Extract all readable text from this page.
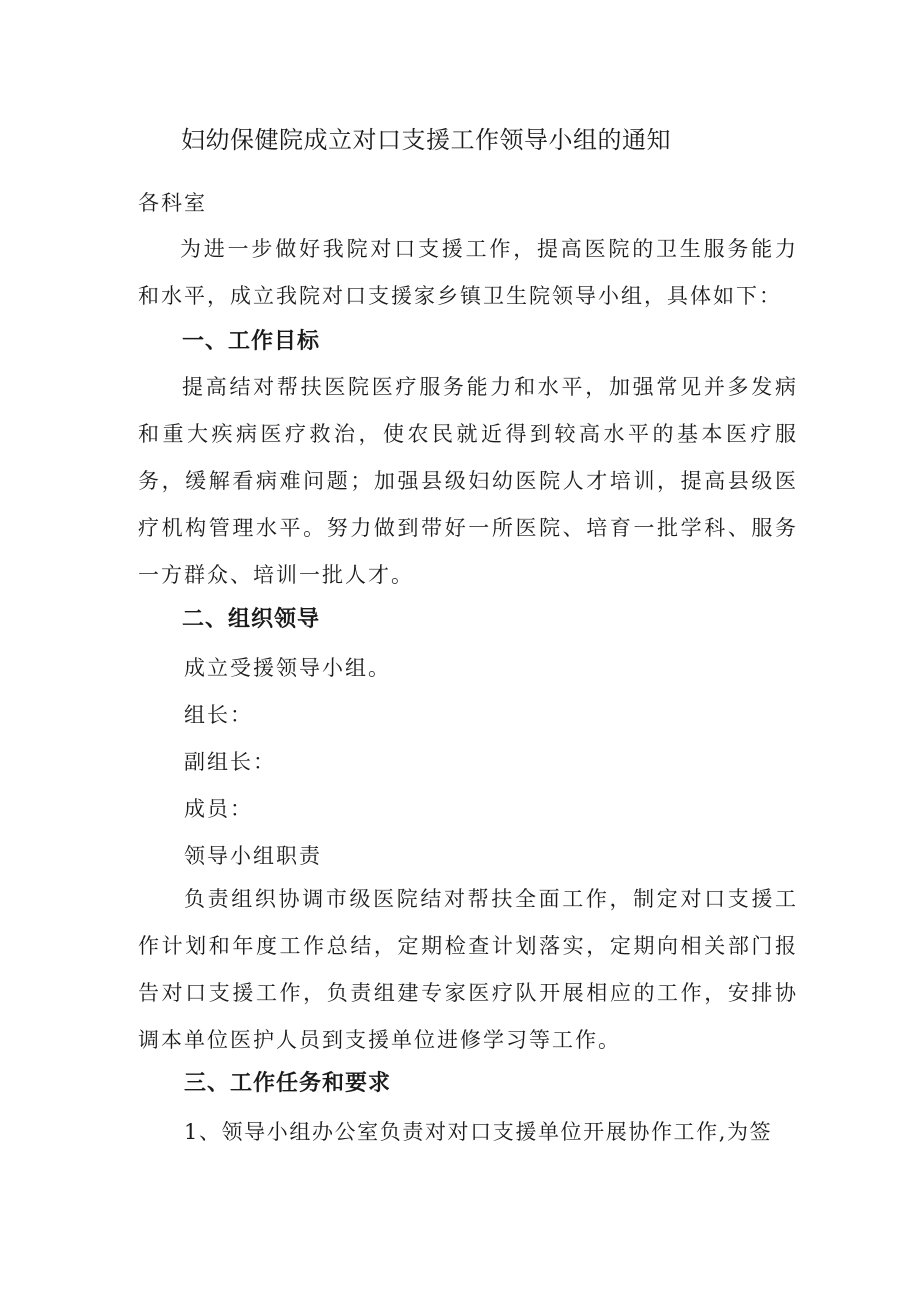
妇幼保健院成立对口支援工作领导小组的通知
各科室
为进一步做好我院对口支援工作，提高医院的卫生服务能力和水平，成立我院对口支援家乡镇卫生院领导小组，具体如下：
一、工作目标
提高结对帮扶医院医疗服务能力和水平，加强常见并多发病和重大疾病医疗救治，使农民就近得到较高水平的基本医疗服务，缓解看病难问题；加强县级妇幼医院人才培训，提高县级医疗机构管理水平。努力做到带好一所医院、培育一批学科、服务一方群众、培训一批人才。
二、组织领导
成立受援领导小组。
组长：
副组长：
成员：
领导小组职责
负责组织协调市级医院结对帮扶全面工作，制定对口支援工作计划和年度工作总结，定期检查计划落实，定期向相关部门报告对口支援工作，负责组建专家医疗队开展相应的工作，安排协调本单位医护人员到支援单位进修学习等工作。
三、工作任务和要求
1、领导小组办公室负责对对口支援单位开展协作工作,为签
